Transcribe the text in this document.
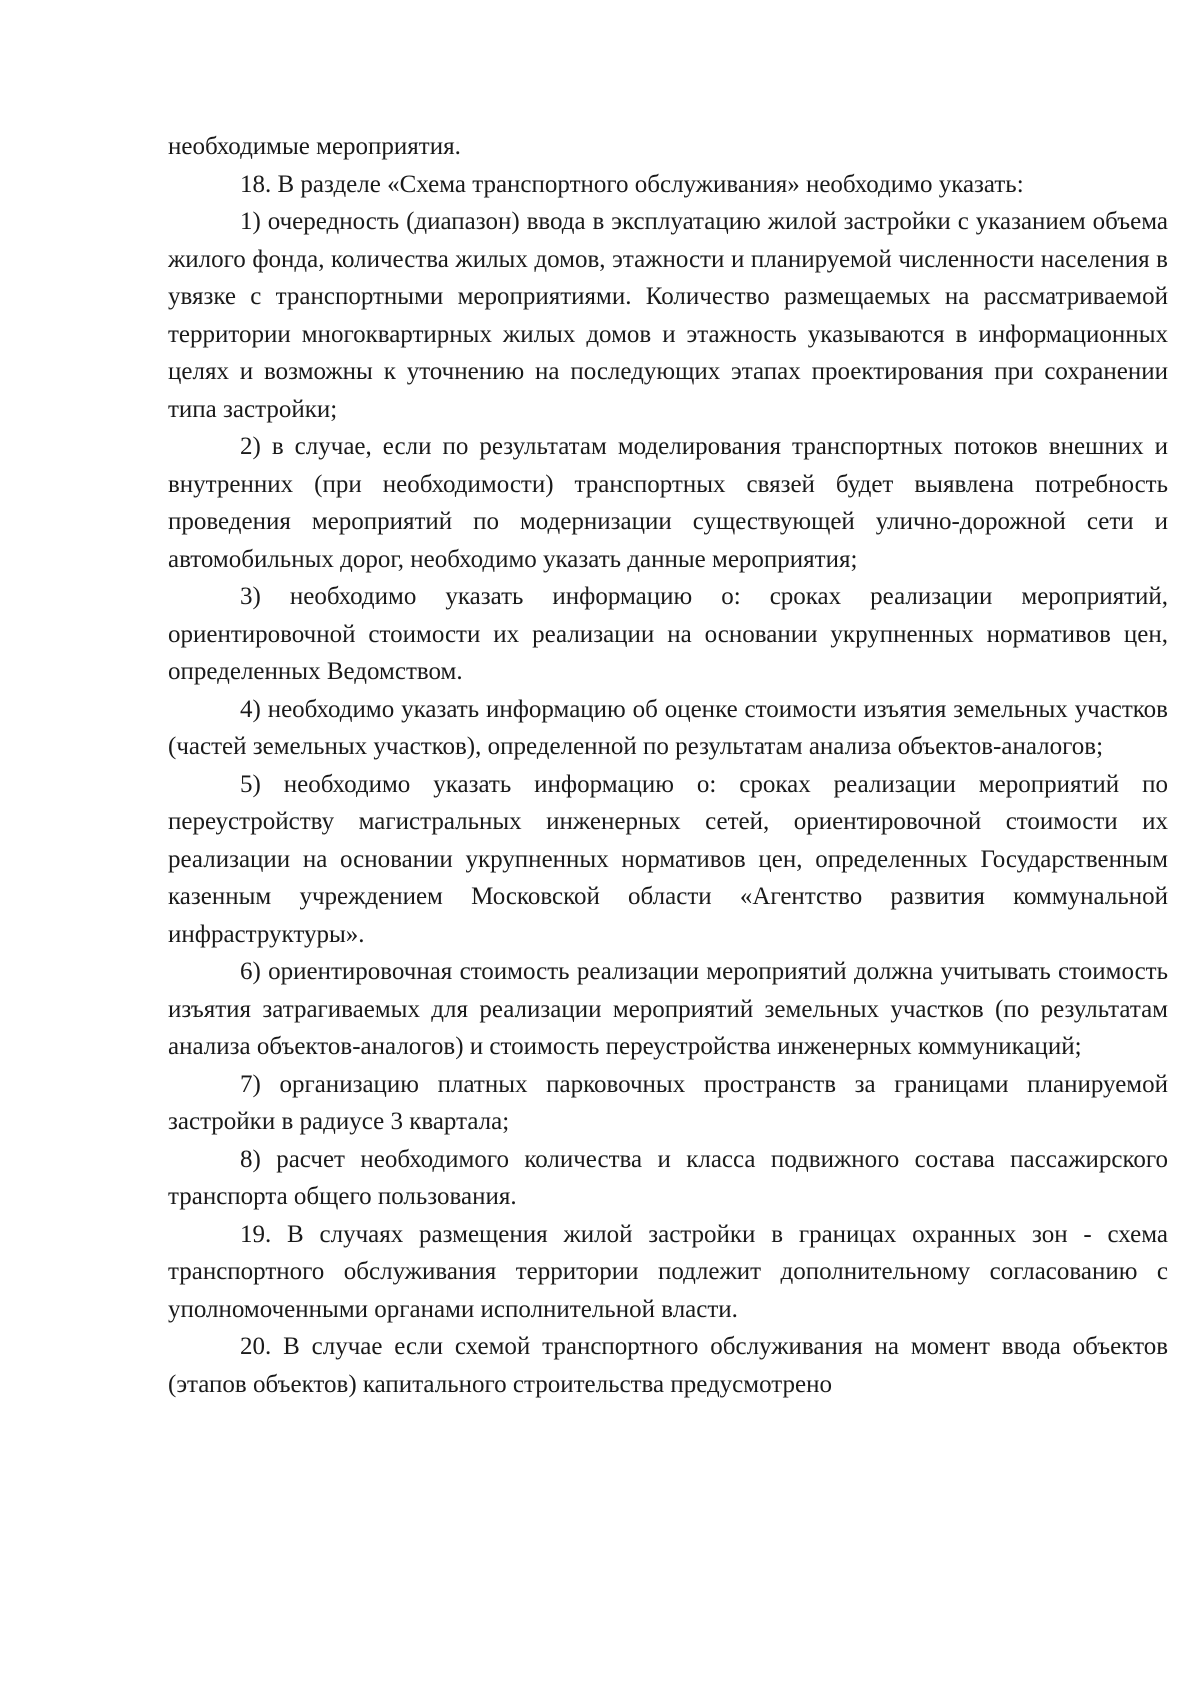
необходимые мероприятия.

18. В разделе «Схема транспортного обслуживания» необходимо указать:

1) очередность (диапазон) ввода в эксплуатацию жилой застройки с указанием объема жилого фонда, количества жилых домов, этажности и планируемой численности населения в увязке с транспортными мероприятиями. Количество размещаемых на рассматриваемой территории многоквартирных жилых домов и этажность указываются в информационных целях и возможны к уточнению на последующих этапах проектирования при сохранении типа застройки;

2) в случае, если по результатам моделирования транспортных потоков внешних и внутренних (при необходимости) транспортных связей будет выявлена потребность проведения мероприятий по модернизации существующей улично-дорожной сети и автомобильных дорог, необходимо указать данные мероприятия;

3) необходимо указать информацию о: сроках реализации мероприятий, ориентировочной стоимости их реализации на основании укрупненных нормативов цен, определенных Ведомством.

4) необходимо указать информацию об оценке стоимости изъятия земельных участков (частей земельных участков), определенной по результатам анализа объектов-аналогов;

5) необходимо указать информацию о: сроках реализации мероприятий по переустройству магистральных инженерных сетей, ориентировочной стоимости их реализации на основании укрупненных нормативов цен, определенных Государственным казенным учреждением Московской области «Агентство развития коммунальной инфраструктуры».

6) ориентировочная стоимость реализации мероприятий должна учитывать стоимость изъятия затрагиваемых для реализации мероприятий земельных участков (по результатам анализа объектов-аналогов) и стоимость переустройства инженерных коммуникаций;

7) организацию платных парковочных пространств за границами планируемой застройки в радиусе 3 квартала;

8) расчет необходимого количества и класса подвижного состава пассажирского транспорта общего пользования.

19. В случаях размещения жилой застройки в границах охранных зон - схема транспортного обслуживания территории подлежит дополнительному согласованию с уполномоченными органами исполнительной власти.

20. В случае если схемой транспортного обслуживания на момент ввода объектов (этапов объектов) капитального строительства предусмотрено
